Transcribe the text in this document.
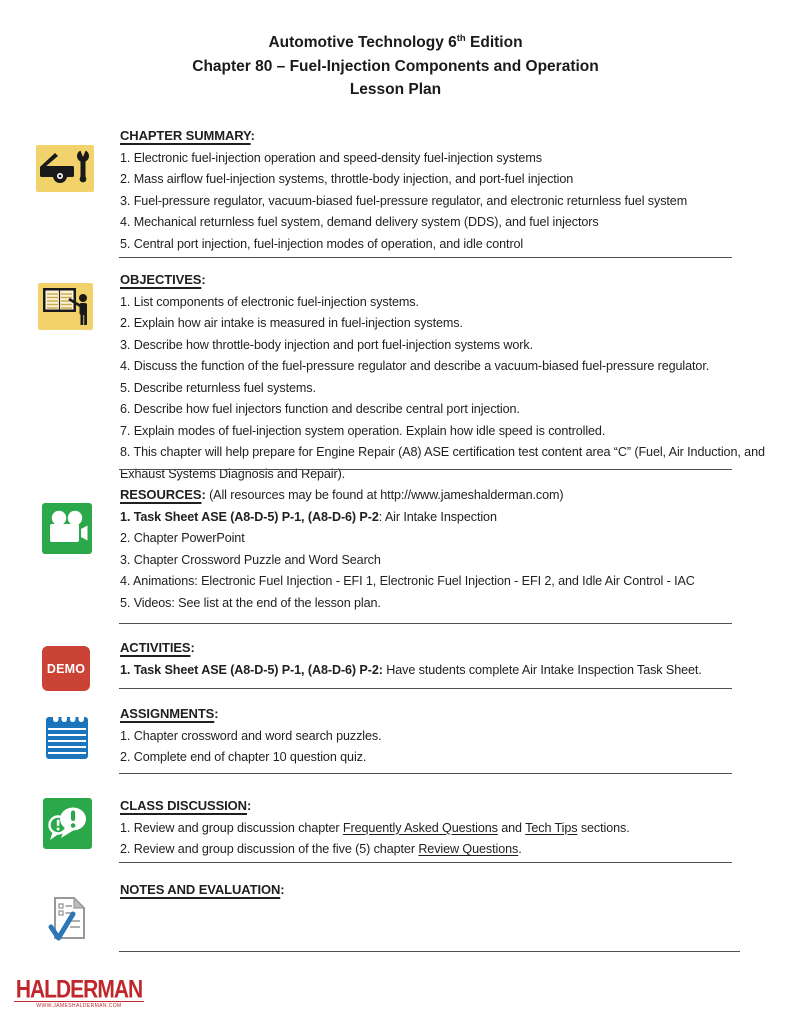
Automotive Technology 6th Edition
Chapter 80 – Fuel-Injection Components and Operation
Lesson Plan
CHAPTER SUMMARY:
1. Electronic fuel-injection operation and speed-density fuel-injection systems
2. Mass airflow fuel-injection systems, throttle-body injection, and port-fuel injection
3. Fuel-pressure regulator, vacuum-biased fuel-pressure regulator, and electronic returnless fuel system
4. Mechanical returnless fuel system, demand delivery system (DDS), and fuel injectors
5. Central port injection, fuel-injection modes of operation, and idle control
OBJECTIVES:
1. List components of electronic fuel-injection systems.
2. Explain how air intake is measured in fuel-injection systems.
3. Describe how throttle-body injection and port fuel-injection systems work.
4. Discuss the function of the fuel-pressure regulator and describe a vacuum-biased fuel-pressure regulator.
5. Describe returnless fuel systems.
6. Describe how fuel injectors function and describe central port injection.
7. Explain modes of fuel-injection system operation. Explain how idle speed is controlled.
8. This chapter will help prepare for Engine Repair (A8) ASE certification test content area “C” (Fuel, Air Induction, and Exhaust Systems Diagnosis and Repair).
RESOURCES: (All resources may be found at http://www.jameshalderman.com)
1. Task Sheet ASE (A8-D-5) P-1, (A8-D-6) P-2: Air Intake Inspection
2. Chapter PowerPoint
3. Chapter Crossword Puzzle and Word Search
4. Animations: Electronic Fuel Injection - EFI 1, Electronic Fuel Injection - EFI 2, and Idle Air Control - IAC
5. Videos: See list at the end of the lesson plan.
DEMO
ACTIVITIES:
1. Task Sheet ASE (A8-D-5) P-1, (A8-D-6) P-2: Have students complete Air Intake Inspection Task Sheet.
ASSIGNMENTS:
1. Chapter crossword and word search puzzles.
2. Complete end of chapter 10 question quiz.
CLASS DISCUSSION:
1. Review and group discussion chapter Frequently Asked Questions and Tech Tips sections.
2. Review and group discussion of the five (5) chapter Review Questions.
NOTES AND EVALUATION:
HALDERMAN
WWW.JAMESHALDERMAN.COM
